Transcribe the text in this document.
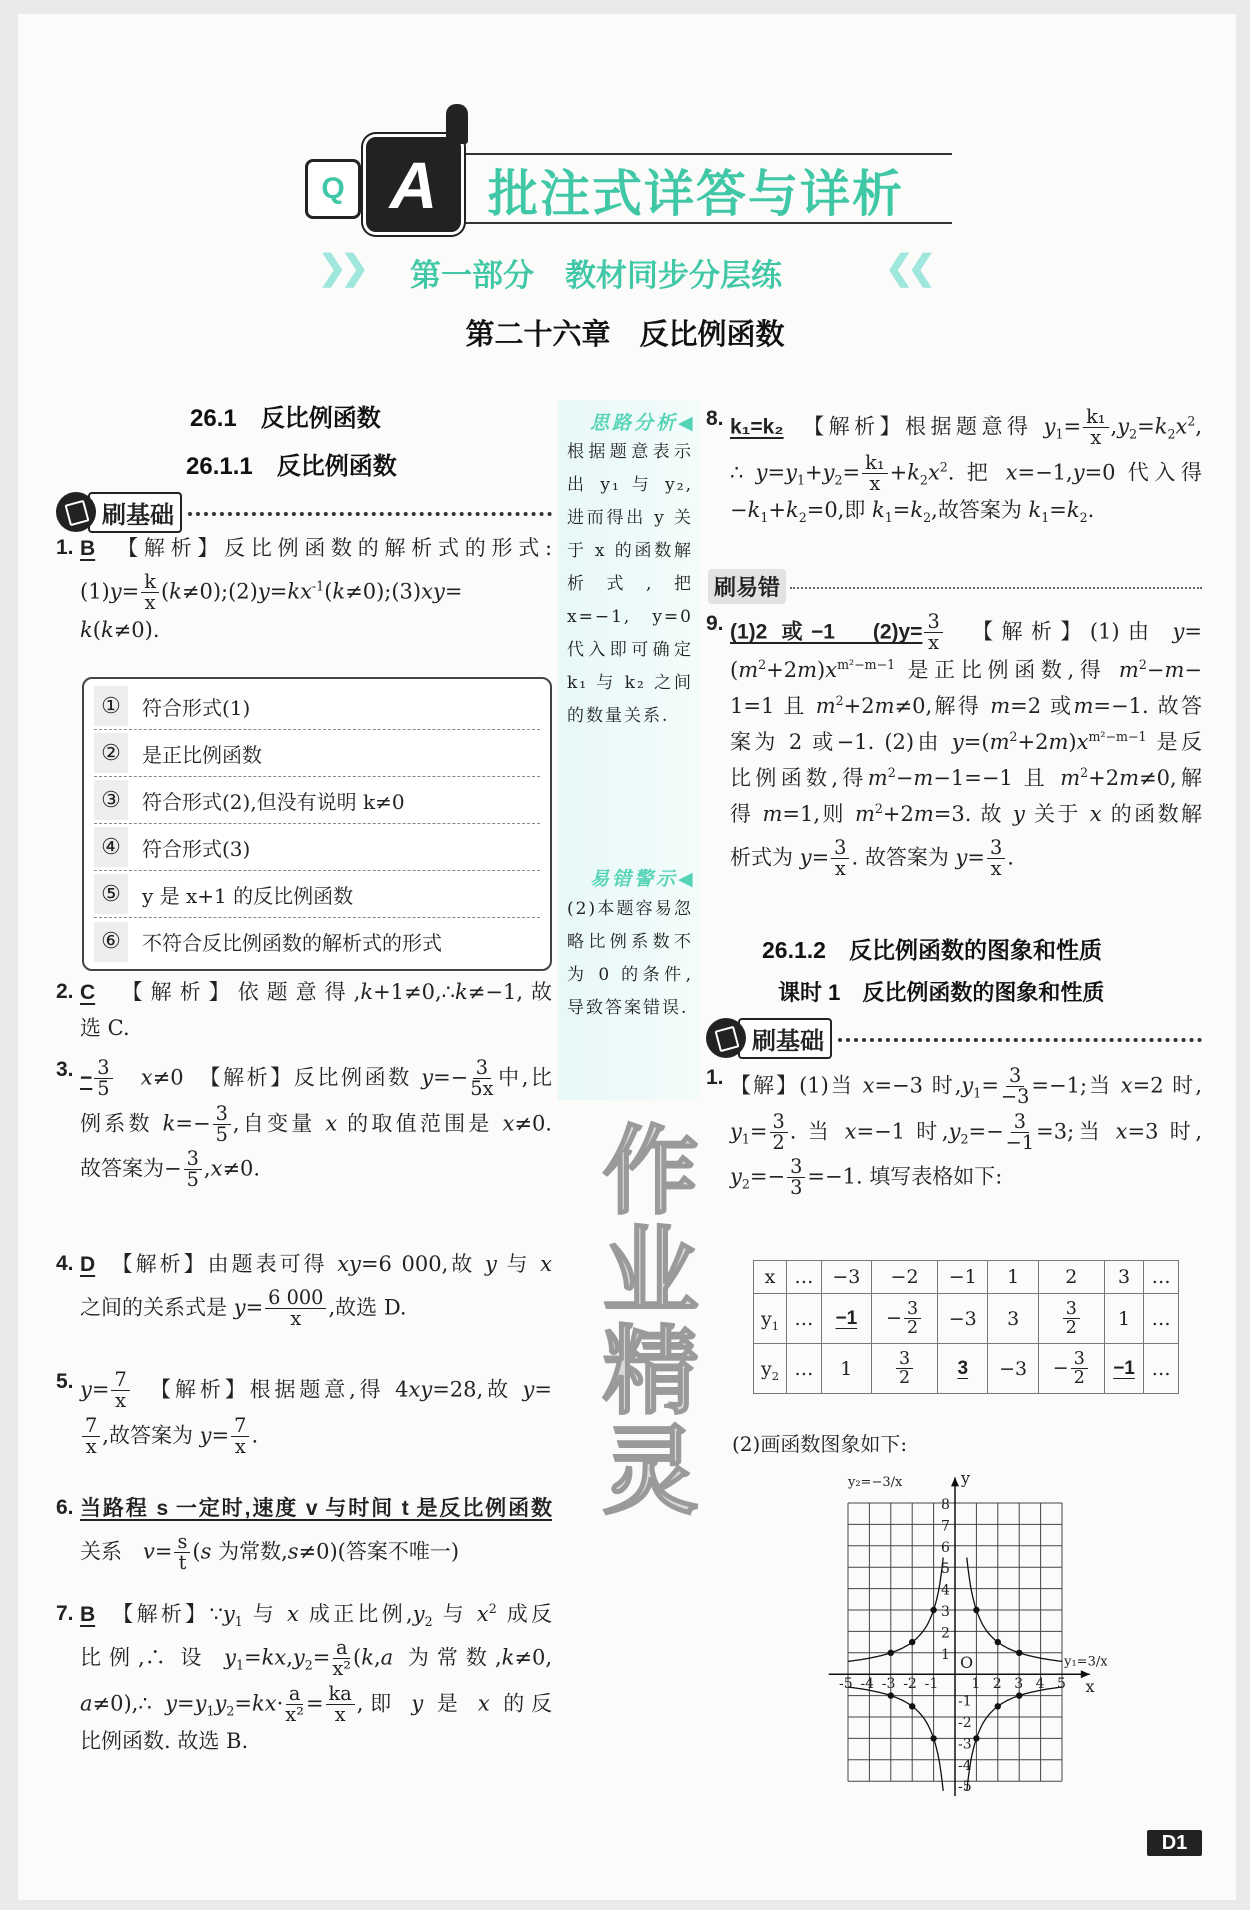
Q A	批注式详答与详析
❯❯ 第一部分　教材同步分层练	❮❮
第二十六章　反比例函数
思路分析◀
根据题意表示出 y₁ 与 y₂,进而得出 y 关于 x 的函数解析式,把 x=−1, y=0 代入即可确定 k₁ 与 k₂ 之间的数量关系.
易错警示◀
(2)本题容易忽略比例系数不为 0 的条件,导致答案错误.
26.1　反比例函数
26.1.1　反比例函数
刷基础
1. B　 【解析】反比例函数的解析式的形式:
$(1)y= \frac{k}{x}$ $(k\ne 0);(2)y=kx^{-1}(k\ne 0);(3)xy=$
k(k≠0).
①	符合形式(1)
②	是正比例函数
③	符合形式(2),但没有说明 k≠0
④	符合形式(3)
⑤	y 是 x+1 的反比例函数
⑥	不符合反比例函数的解析式的形式
2. C　 【解析】依题意得,k+1≠0,∴k≠−1,故
选 C.
3. − $\frac{3}{5}$
　 x≠0　【解析】反比例函数 $y=- \frac{3}{5x}$ 中,比
例系数 $k=- \frac{3}{5}$ ,自变量 x 的取值范围是 x≠0.
故答案为− $\frac{3}{5} ,x\ne 0$.
4. D　 【解析】由题表可得 xy=6 000,故 y 与 x
之间的关系式是 $y= \frac{6 000}{x}$ ,故选 D.
5. $y= \frac{7}{x}$
　 【解析】根据题意,得 4xy=28,故 y=
$\frac{7}{x}$ ,故答案为 $y= \frac{7}{x}$ .
6. 当路程 s 一定时,速度 v 与时间 t 是反比例函数
关系　$v= \frac{s}{t} (s$ 为常数,s≠0)(答案不唯一)
7. B　 【解析】$\because y_1$ 与 x 成正比例$,y_2$ 与 $x^2$ 成反
比例,∴ 设 $y_1=kx,y_2= \frac{a}{\text{x²}} (k,a$ 为常数,k≠0,
a≠0),∴ $y=y_1y_2=kx\cdot \frac{a}{\text{x²}} = \frac{ka}{x}$ ,即 y 是 x 的反
比例函数. 故选 B.
8. k₁=k₂　 【解析】根据题意得 $y_1= \frac{\text{k₁}}{x} ,y_2=k_2x^2$,
∴ $y=y_1+y_2= \frac{\text{k₁}}{x} +k_2x^2$. 把 x=−1,y=0 代入得
$-k_1+k_2=0$,即 $k_1=k_2$,故答案为 $k_1=k_2$.
刷易错
9. (1)2 或−1　$(2)y= \frac{3}{x}$
　 【解析】(1)由 y=
$(m^2+2m)x^{m^2-m-1}$ 是正比例函数,得 $m^2-m-$
1=1 且 $m^2+2m\ne 0$,解得 m=2 或m=−1. 故答
案为 2 或−1. (2)由 $y=(m^2+2m)x^{m^2-m-1}$ 是反
比例函数,得$m^2-m-1=-1$ 且 $m^2+2m\ne 0$,解
得 m=1,则 $m^2+2m=3$. 故 y 关于 x 的函数解
析式为 $y= \frac{3}{x}$ . 故答案为 $y= \frac{3}{x}$ .
26.1.2　反比例函数的图象和性质
课时 1　反比例函数的图象和性质
刷基础
1. 【解】(1)当 x=−3 时$,y_1= \frac{3}{-3} =-1$;当 x=2 时,
$y_1= \frac{3}{2}$ . 当 x=−1 时$,y_2=- \frac{3}{-1} =3$;当 x=3 时,
$y_2=- \frac{3}{3} =-1$. 填写表格如下:
x	…	−3	−2	−1	1	2	3	…
$y_1$	…	−1	− $\frac{3}{2}$	−3	3	$\frac{3}{2}$	1	…
$y_2$	…	1	$\frac{3}{2}$	3	−3	− $\frac{3}{2}$	−1	…
(2)画函数图象如下:
-5 -4 -3 -2 -1 1 2 3 4 5
8
7
6
5
4
3
2
1
-1
-2
-3
-4
-5
x
y
O	y₁=3/x
y₂=−3/x
作业精灵
D1
